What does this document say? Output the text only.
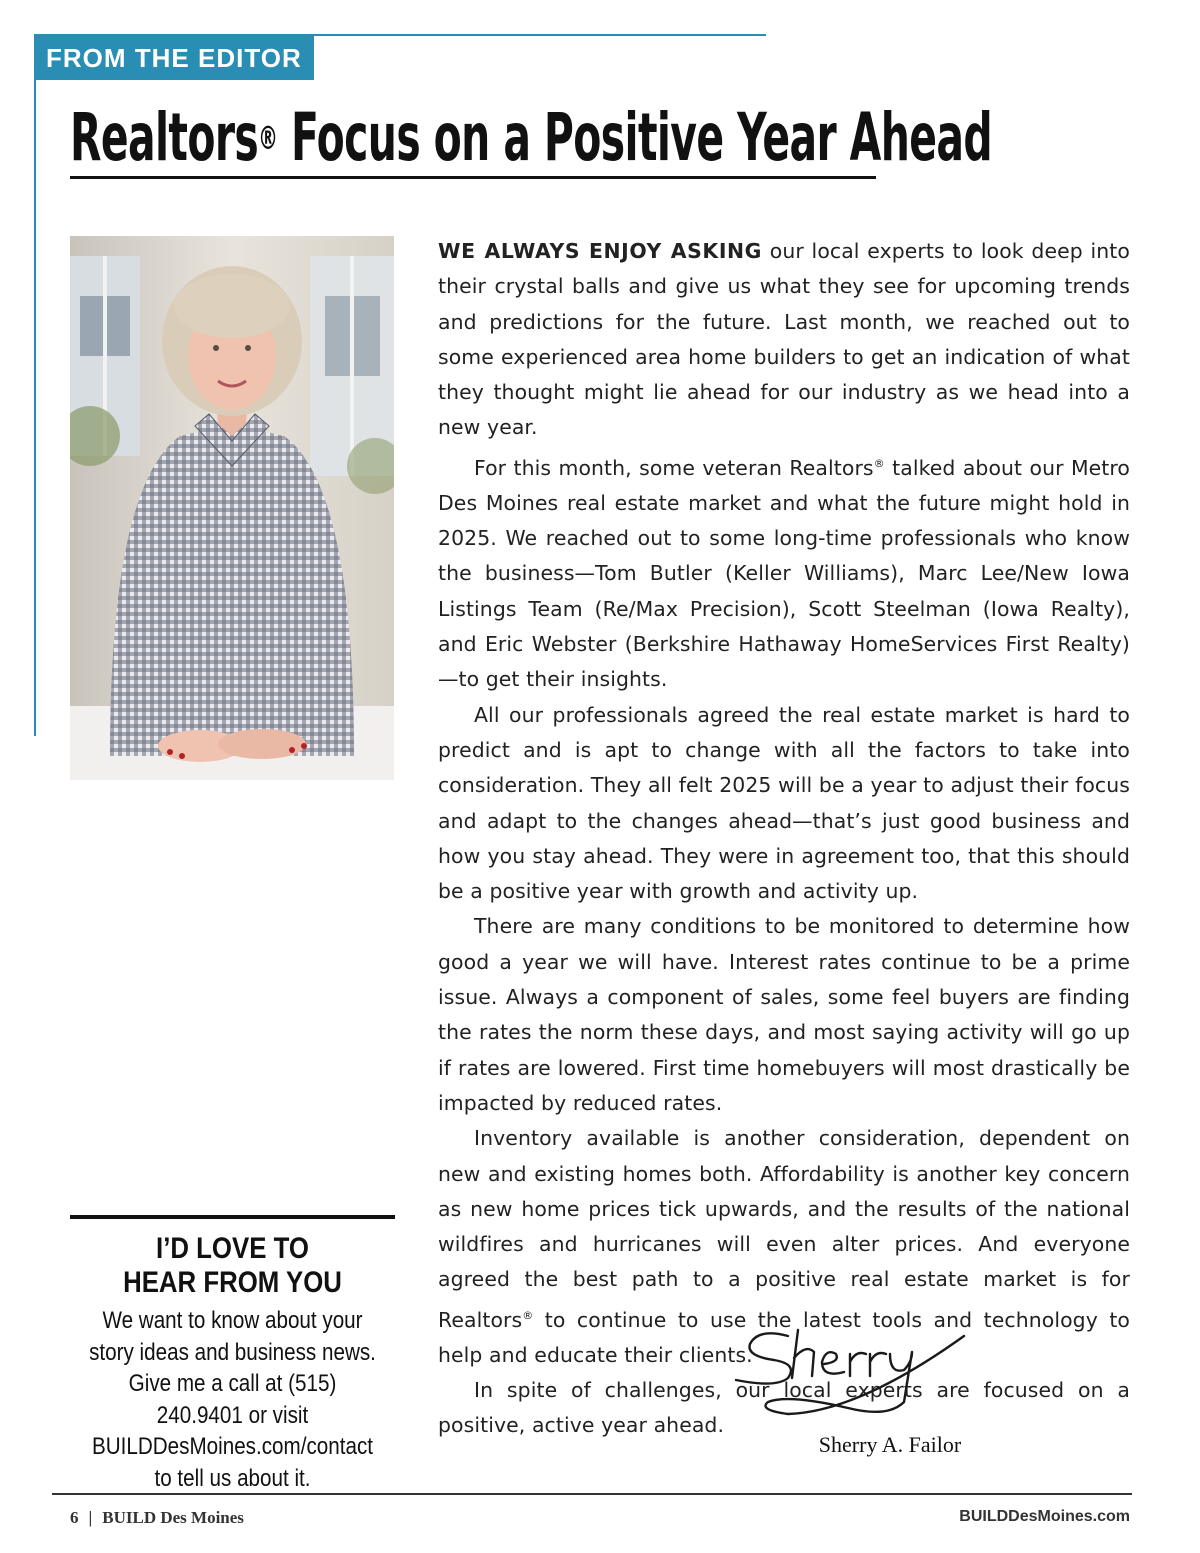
FROM THE EDITOR
Realtors® Focus on a Positive Year Ahead

WE ALWAYS ENJOY ASKING our local experts to look deep into their crystal balls and give us what they see for upcoming trends and predictions for the future. Last month, we reached out to some experienced area home builders to get an indication of what they thought might lie ahead for our industry as we head into a new year.

For this month, some veteran Realtors® talked about our Metro Des Moines real estate market and what the future might hold in 2025. We reached out to some long-time professionals who know the business—Tom Butler (Keller Williams), Marc Lee/New Iowa Listings Team (Re/Max Precision), Scott Steelman (Iowa Realty), and Eric Webster (Berkshire Hathaway HomeServices First Realty)—to get their insights.

All our professionals agreed the real estate market is hard to predict and is apt to change with all the factors to take into consideration. They all felt 2025 will be a year to adjust their focus and adapt to the changes ahead—that’s just good business and how you stay ahead. They were in agreement too, that this should be a positive year with growth and activity up.

There are many conditions to be monitored to determine how good a year we will have. Interest rates continue to be a prime issue. Always a component of sales, some feel buyers are finding the rates the norm these days, and most saying activity will go up if rates are lowered. First time homebuyers will most drastically be impacted by reduced rates.

Inventory available is another consideration, dependent on new and existing homes both. Affordability is another key concern as new home prices tick upwards, and the results of the national wildfires and hurricanes will even alter prices. And everyone agreed the best path to a positive real estate market is for Realtors® to continue to use the latest tools and technology to help and educate their clients.

In spite of challenges, our local experts are focused on a positive, active year ahead.

I’D LOVE TO
HEAR FROM YOU
We want to know about your story ideas and business news. Give me a call at (515) 240.9401 or visit BUILDDesMoines.com/contact to tell us about it.
Sherry A. Failor
6 | BUILD Des Moines	BUILDDesMoines.com
